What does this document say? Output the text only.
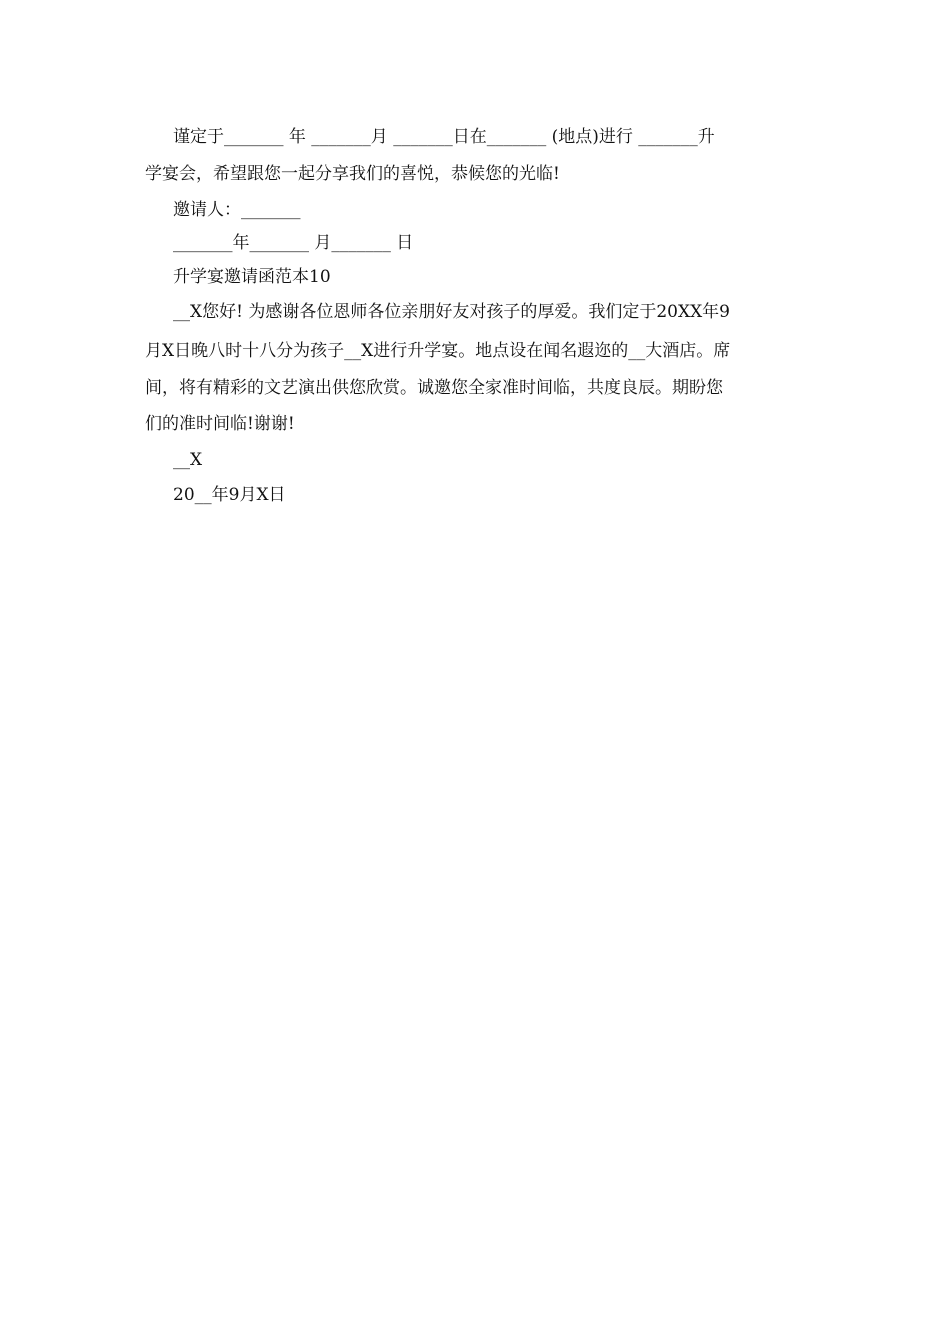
谨定于_______ 年 _______月 _______日在_______ (地点)进行 _______升
学宴会，希望跟您一起分享我们的喜悦，恭候您的光临!
邀请人：_______
_______年_______ 月_______ 日
升学宴邀请函范本10
__X您好! 为感谢各位恩师各位亲朋好友对孩子的厚爱。我们定于20XX年9
月X日晚八时十八分为孩子__X进行升学宴。地点设在闻名遐迩的__大酒店。席
间，将有精彩的文艺演出供您欣赏。诚邀您全家准时间临，共度良辰。期盼您
们的准时间临!谢谢!
__X
20__年9月X日
